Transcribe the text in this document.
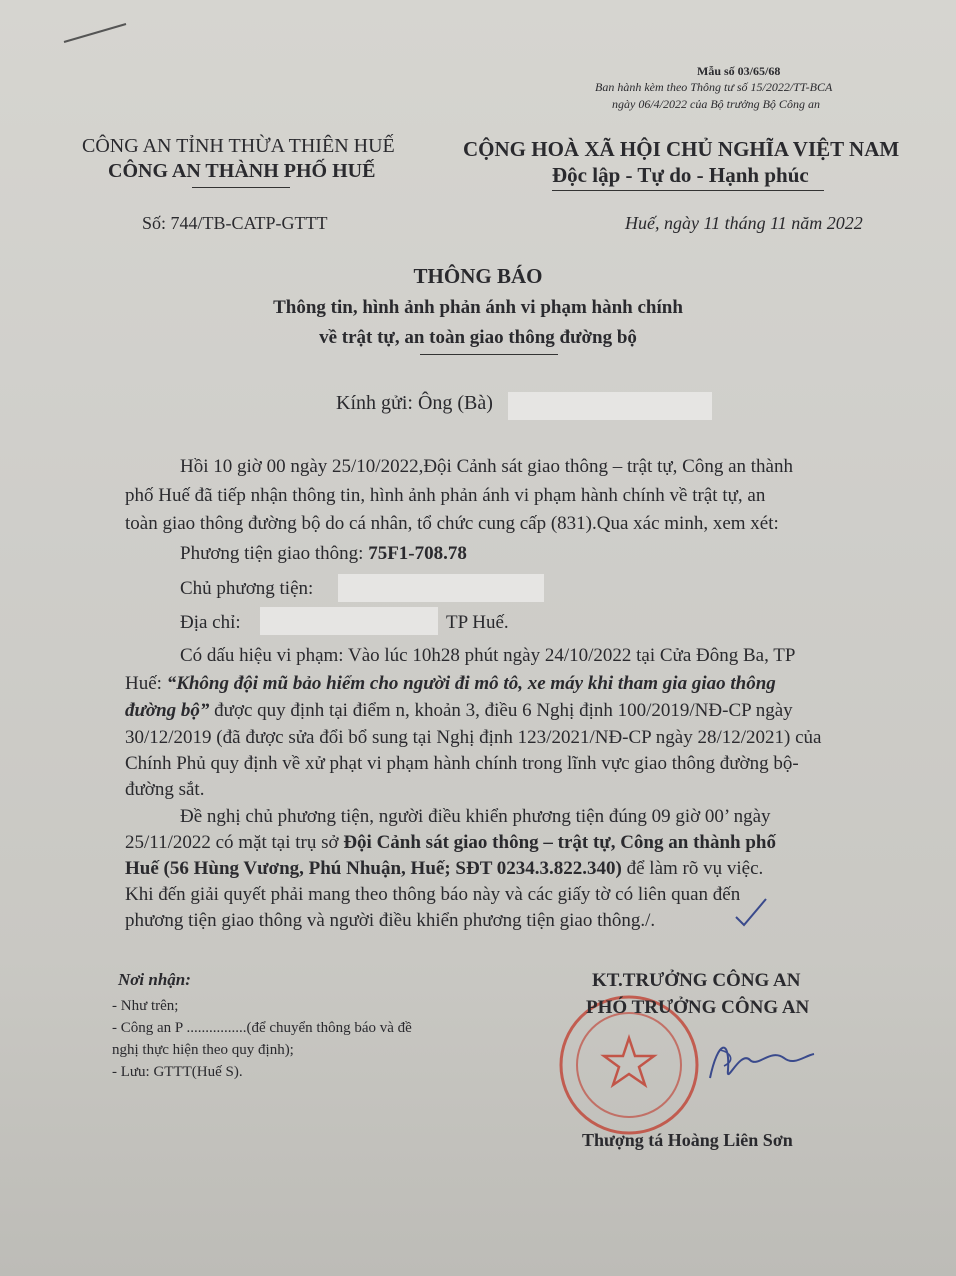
Mẫu số 03/65/68
Ban hành kèm theo Thông tư số 15/2022/TT-BCA
ngày 06/4/2022 của Bộ trưởng Bộ Công an
CÔNG AN TỈNH THỪA THIÊN HUẾ
CÔNG AN THÀNH PHỐ HUẾ
CỘNG HOÀ XÃ HỘI CHỦ NGHĨA VIỆT NAM
Độc lập - Tự do - Hạnh phúc
Số: 744/TB-CATP-GTTT	Huế, ngày 11 tháng 11 năm 2022
THÔNG BÁO
Thông tin, hình ảnh phản ánh vi phạm hành chính
về trật tự, an toàn giao thông đường bộ
Kính gửi: Ông (Bà)
Hồi 10 giờ 00 ngày 25/10/2022,Đội Cảnh sát giao thông – trật tự, Công an thành
phố Huế đã tiếp nhận thông tin, hình ảnh phản ánh vi phạm hành chính về trật tự, an
toàn giao thông đường bộ do cá nhân, tổ chức cung cấp (831).Qua xác minh, xem xét:
Phương tiện giao thông: 75F1-708.78
Chủ phương tiện:
Địa chỉ:	TP Huế.
Có dấu hiệu vi phạm: Vào lúc 10h28 phút ngày 24/10/2022 tại Cửa Đông Ba, TP
Huế: “Không đội mũ bảo hiểm cho người đi mô tô, xe máy khi tham gia giao thông
đường bộ” được quy định tại điểm n, khoản 3, điều 6 Nghị định 100/2019/NĐ-CP ngày
30/12/2019 (đã được sửa đổi bổ sung tại Nghị định 123/2021/NĐ-CP ngày 28/12/2021) của
Chính Phủ quy định về xử phạt vi phạm hành chính trong lĩnh vực giao thông đường bộ-
đường sắt.
Đề nghị chủ phương tiện, người điều khiển phương tiện đúng 09 giờ 00’ ngày
25/11/2022 có mặt tại trụ sở Đội Cảnh sát giao thông – trật tự, Công an thành phố
Huế (56 Hùng Vương, Phú Nhuận, Huế; SĐT 0234.3.822.340) để làm rõ vụ việc.
Khi đến giải quyết phải mang theo thông báo này và các giấy tờ có liên quan đến
phương tiện giao thông và người điều khiển phương tiện giao thông./.
Nơi nhận:
- Như trên;
- Công an P ................(để chuyển thông báo và đề
nghị thực hiện theo quy định);
- Lưu: GTTT(Huế S).
KT.TRƯỞNG CÔNG AN
PHÓ TRƯỞNG CÔNG AN
Thượng tá Hoàng Liên Sơn
